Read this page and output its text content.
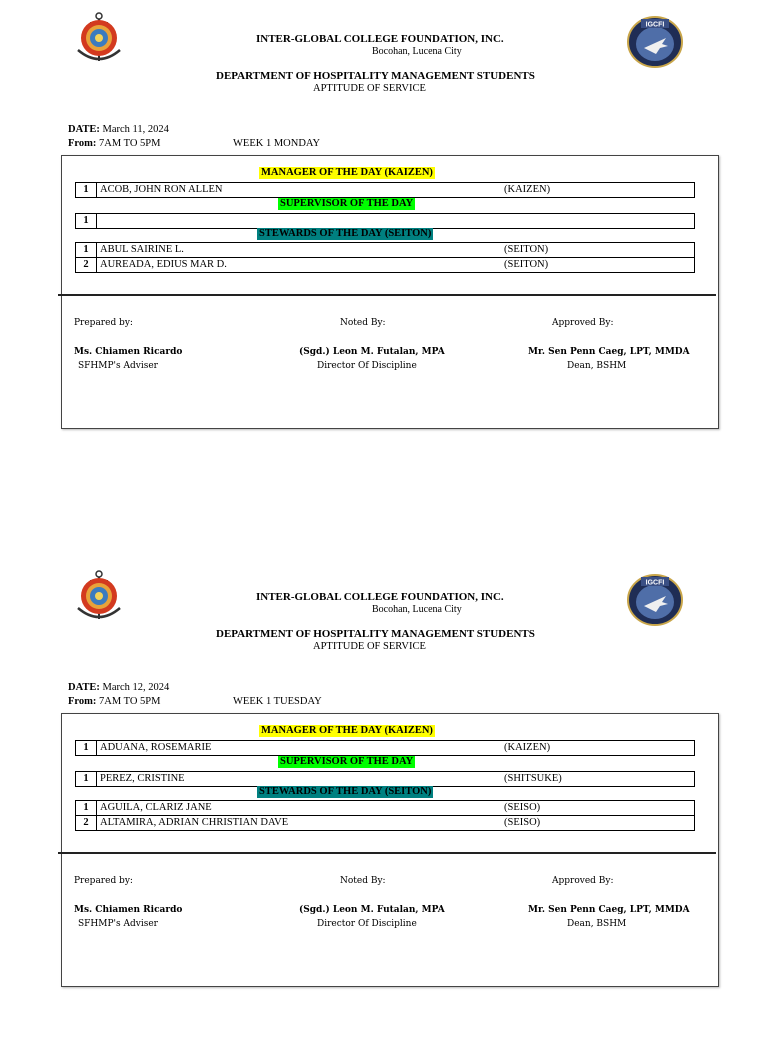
INTER-GLOBAL COLLEGE FOUNDATION, INC.
Bocohan, Lucena City
DEPARTMENT OF HOSPITALITY MANAGEMENT STUDENTS
APTITUDE OF SERVICE
IGCFI
DATE: March 11, 2024
From: 7AM TO 5PM	WEEK 1 MONDAY
MANAGER OF THE DAY (KAIZEN)
1	ACOB, JOHN RON ALLEN	(KAIZEN)
SUPERVISOR OF THE DAY
1
STEWARDS OF THE DAY (SEITON)
1	ABUL SAIRINE L.	(SEITON)
2	AUREADA, EDIUS MAR D.	(SEITON)
Prepared by:	Noted By:	Approved By:
Ms. Chiamen Ricardo
SFHMP's Adviser
(Sgd.) Leon M. Futalan, MPA
Director Of Discipline
Mr. Sen Penn Caeg, LPT, MMDA
Dean, BSHM
INTER-GLOBAL COLLEGE FOUNDATION, INC.
Bocohan, Lucena City
DEPARTMENT OF HOSPITALITY MANAGEMENT STUDENTS
APTITUDE OF SERVICE
IGCFI
DATE: March 12, 2024
From: 7AM TO 5PM	WEEK 1 TUESDAY
MANAGER OF THE DAY (KAIZEN)
1	ADUANA, ROSEMARIE	(KAIZEN)
SUPERVISOR OF THE DAY
1	PEREZ, CRISTINE	(SHITSUKE)
STEWARDS OF THE DAY (SEITON)
1	AGUILA, CLARIZ JANE	(SEISO)
2	ALTAMIRA, ADRIAN CHRISTIAN DAVE	(SEISO)
Prepared by:	Noted By:	Approved By:
Ms. Chiamen Ricardo
SFHMP's Adviser
(Sgd.) Leon M. Futalan, MPA
Director Of Discipline
Mr. Sen Penn Caeg, LPT, MMDA
Dean, BSHM
